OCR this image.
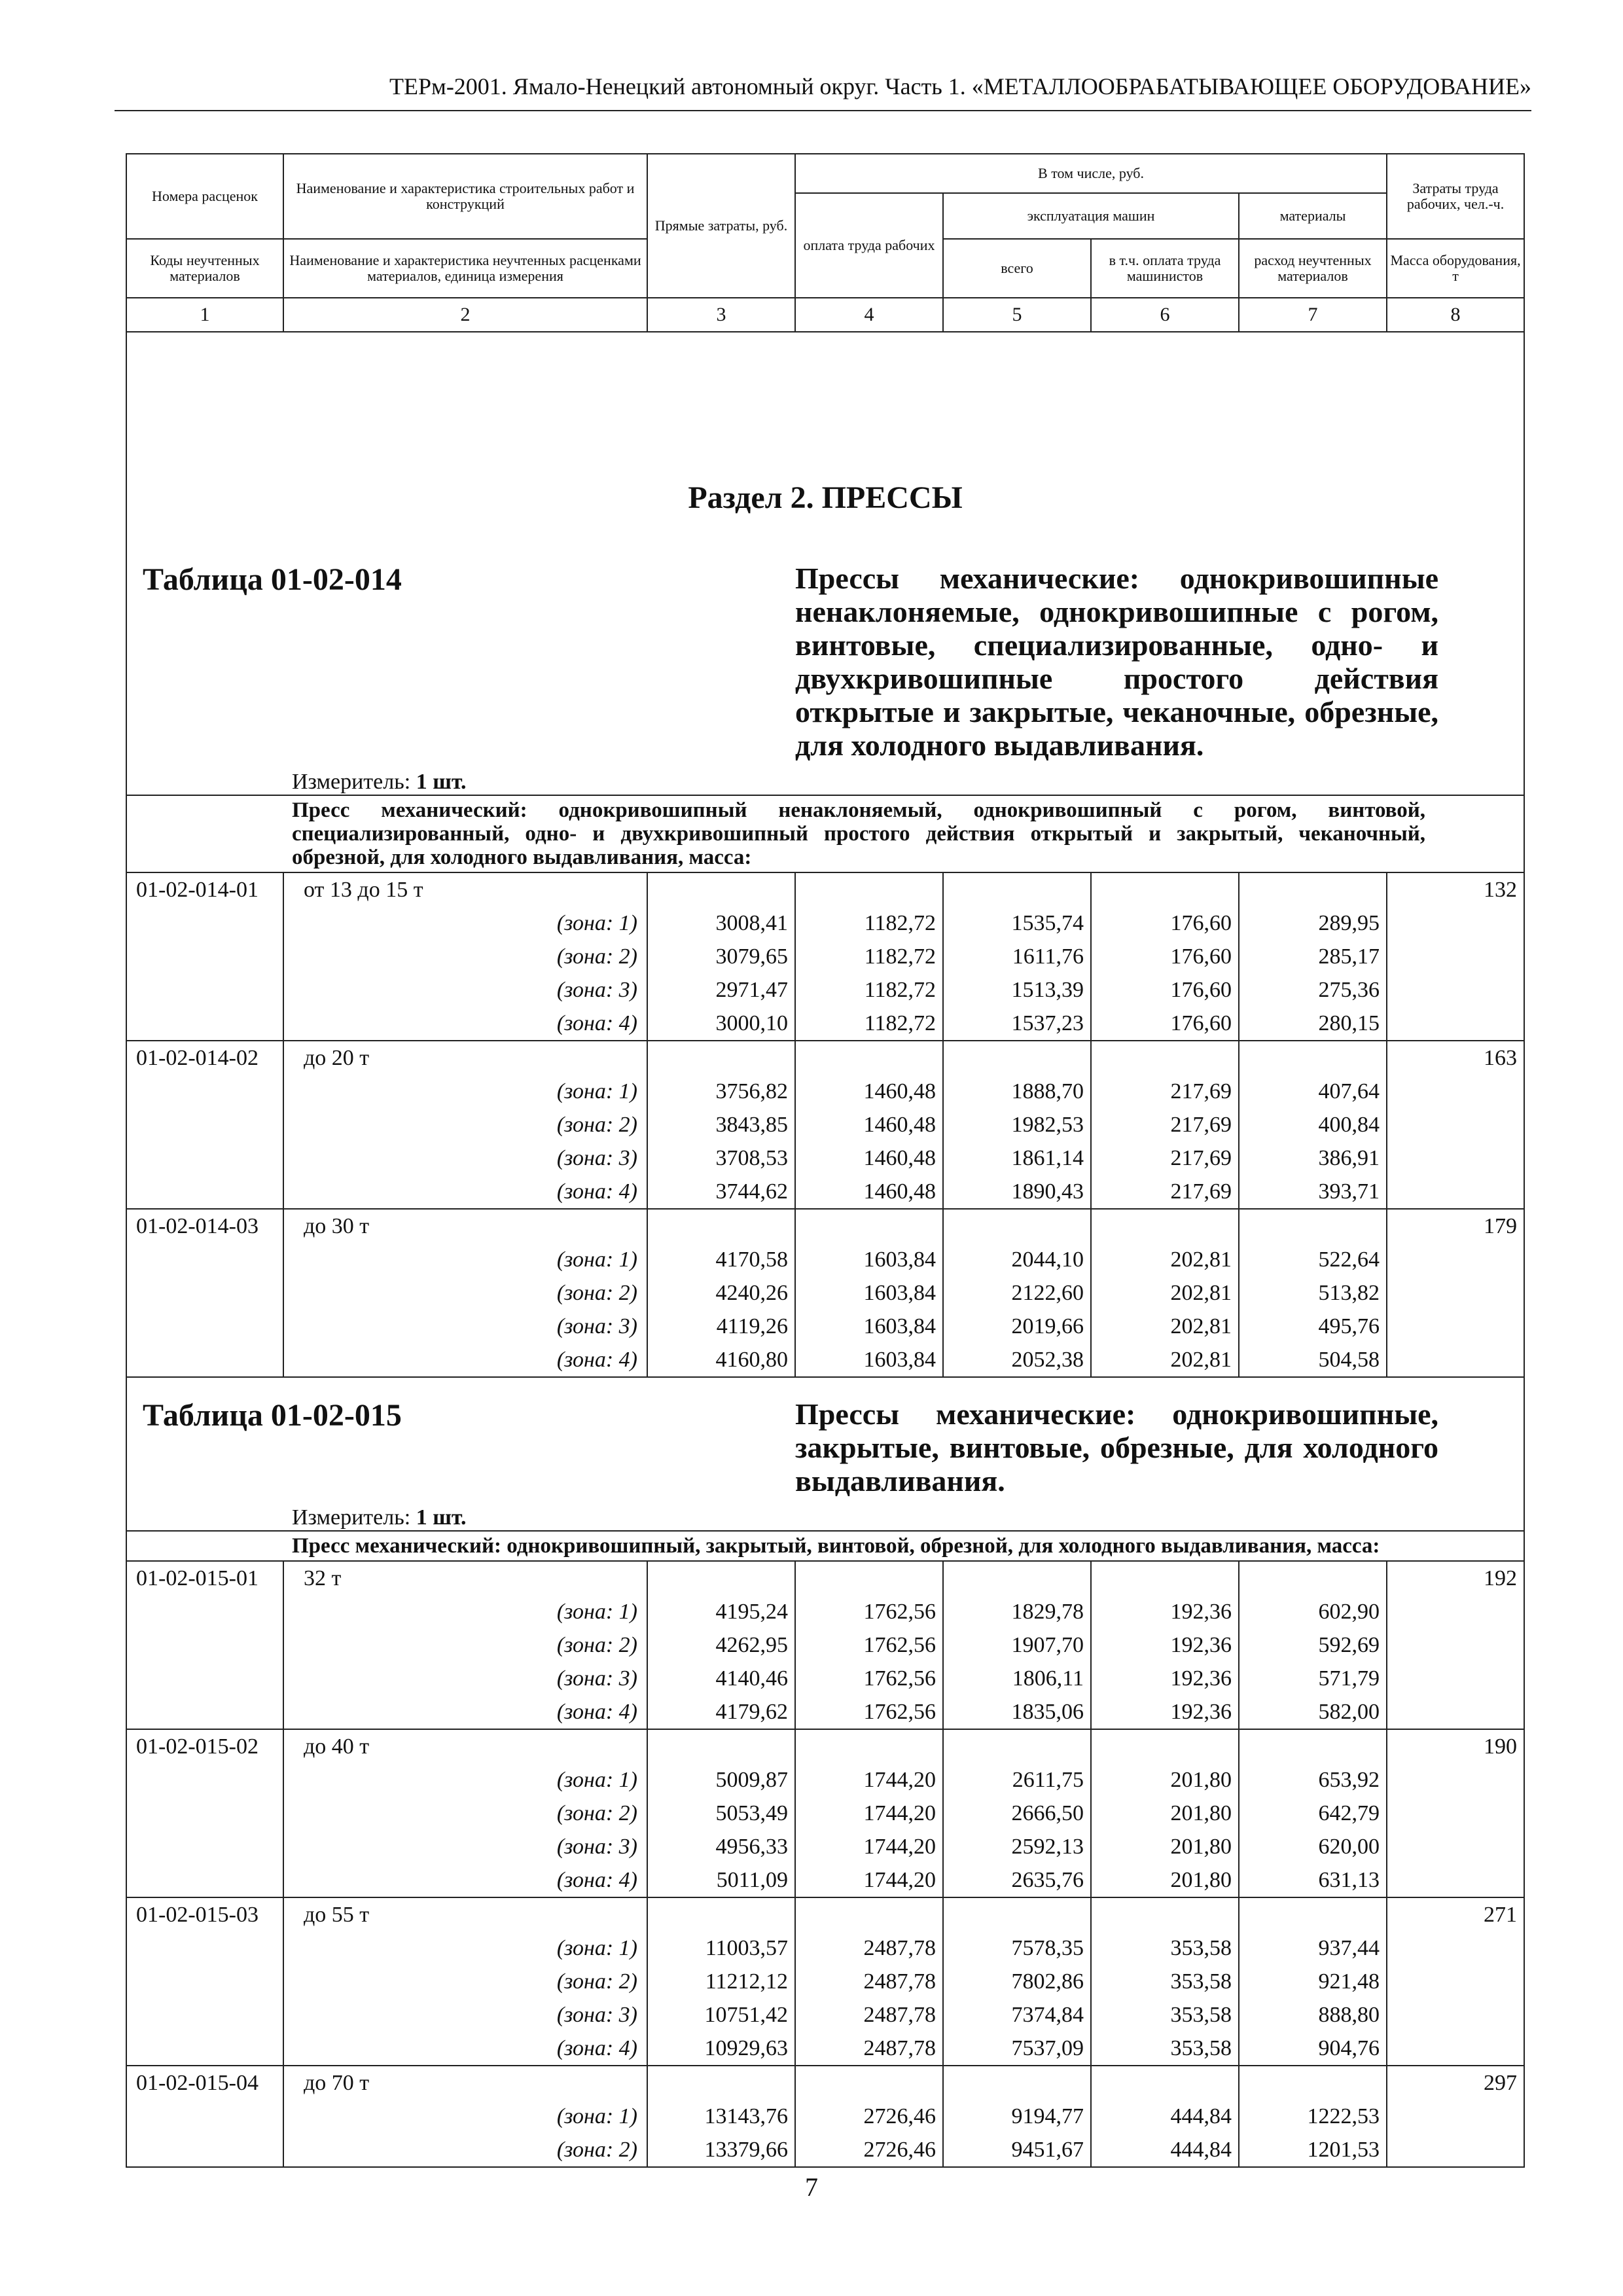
ТЕРм-2001. Ямало-Ненецкий автономный округ. Часть 1. «МЕТАЛЛООБРАБАТЫВАЮЩЕЕ ОБОРУДОВАНИЕ»
Номера расценок	Наименование и характеристика строительных работ и конструкций	Прямые затраты, руб.	В том числе, руб.				Затраты труда рабочих, чел.-ч.
			оплата труда рабочих	эксплуатация машин		материалы	
Коды неучтенных материалов	Наименование и характеристика неучтенных расценками материалов, единица измерения			всего	в т.ч. оплата труда машинистов	расход неучтенных материалов	Масса оборудования, т

1	2	3	4	5	6	7	8
Раздел 2. ПРЕССЫ							
Таблица 01-02-014			Прессы механические: однокривошипные ненаклоняемые, однокривошипные с рогом, винтовые, специализированные, одно- и двухкривошипные простого действия открытые и закрытые, чеканочные, обрезные, для холодного выдавливания.				
Измеритель: 1 шт.							
Пресс механический: однокривошипный ненаклоняемый, однокривошипный с рогом, винтовой, специализированный, одно- и двухкривошипный простого действия открытый и закрытый, чеканочный, обрезной, для холодного выдавливания, масса:							
01-02-014-01	от 13 до 15 т						132
	(зона: 1)	3008,41	1182,72	1535,74	176,60	289,95	
	(зона: 2)	3079,65	1182,72	1611,76	176,60	285,17	
	(зона: 3)	2971,47	1182,72	1513,39	176,60	275,36	
	(зона: 4)	3000,10	1182,72	1537,23	176,60	280,15	
01-02-014-02	до 20 т						163
	(зона: 1)	3756,82	1460,48	1888,70	217,69	407,64	
	(зона: 2)	3843,85	1460,48	1982,53	217,69	400,84	
	(зона: 3)	3708,53	1460,48	1861,14	217,69	386,91	
	(зона: 4)	3744,62	1460,48	1890,43	217,69	393,71	
01-02-014-03	до 30 т						179
	(зона: 1)	4170,58	1603,84	2044,10	202,81	522,64	
	(зона: 2)	4240,26	1603,84	2122,60	202,81	513,82	
	(зона: 3)	4119,26	1603,84	2019,66	202,81	495,76	
	(зона: 4)	4160,80	1603,84	2052,38	202,81	504,58	
Таблица 01-02-015			Прессы механические: однокривошипные, закрытые, винтовые, обрезные, для холодного выдавливания.				
Измеритель: 1 шт.							
Пресс механический: однокривошипный, закрытый, винтовой, обрезной, для холодного выдавливания, масса:							
01-02-015-01	32 т						192
	(зона: 1)	4195,24	1762,56	1829,78	192,36	602,90	
	(зона: 2)	4262,95	1762,56	1907,70	192,36	592,69	
	(зона: 3)	4140,46	1762,56	1806,11	192,36	571,79	
	(зона: 4)	4179,62	1762,56	1835,06	192,36	582,00	
01-02-015-02	до 40 т						190
	(зона: 1)	5009,87	1744,20	2611,75	201,80	653,92	
	(зона: 2)	5053,49	1744,20	2666,50	201,80	642,79	
	(зона: 3)	4956,33	1744,20	2592,13	201,80	620,00	
	(зона: 4)	5011,09	1744,20	2635,76	201,80	631,13	
01-02-015-03	до 55 т						271
	(зона: 1)	11003,57	2487,78	7578,35	353,58	937,44	
	(зона: 2)	11212,12	2487,78	7802,86	353,58	921,48	
	(зона: 3)	10751,42	2487,78	7374,84	353,58	888,80	
	(зона: 4)	10929,63	2487,78	7537,09	353,58	904,76	
01-02-015-04	до 70 т						297
	(зона: 1)	13143,76	2726,46	9194,77	444,84	1222,53	
	(зона: 2)	13379,66	2726,46	9451,67	444,84	1201,53	
7
